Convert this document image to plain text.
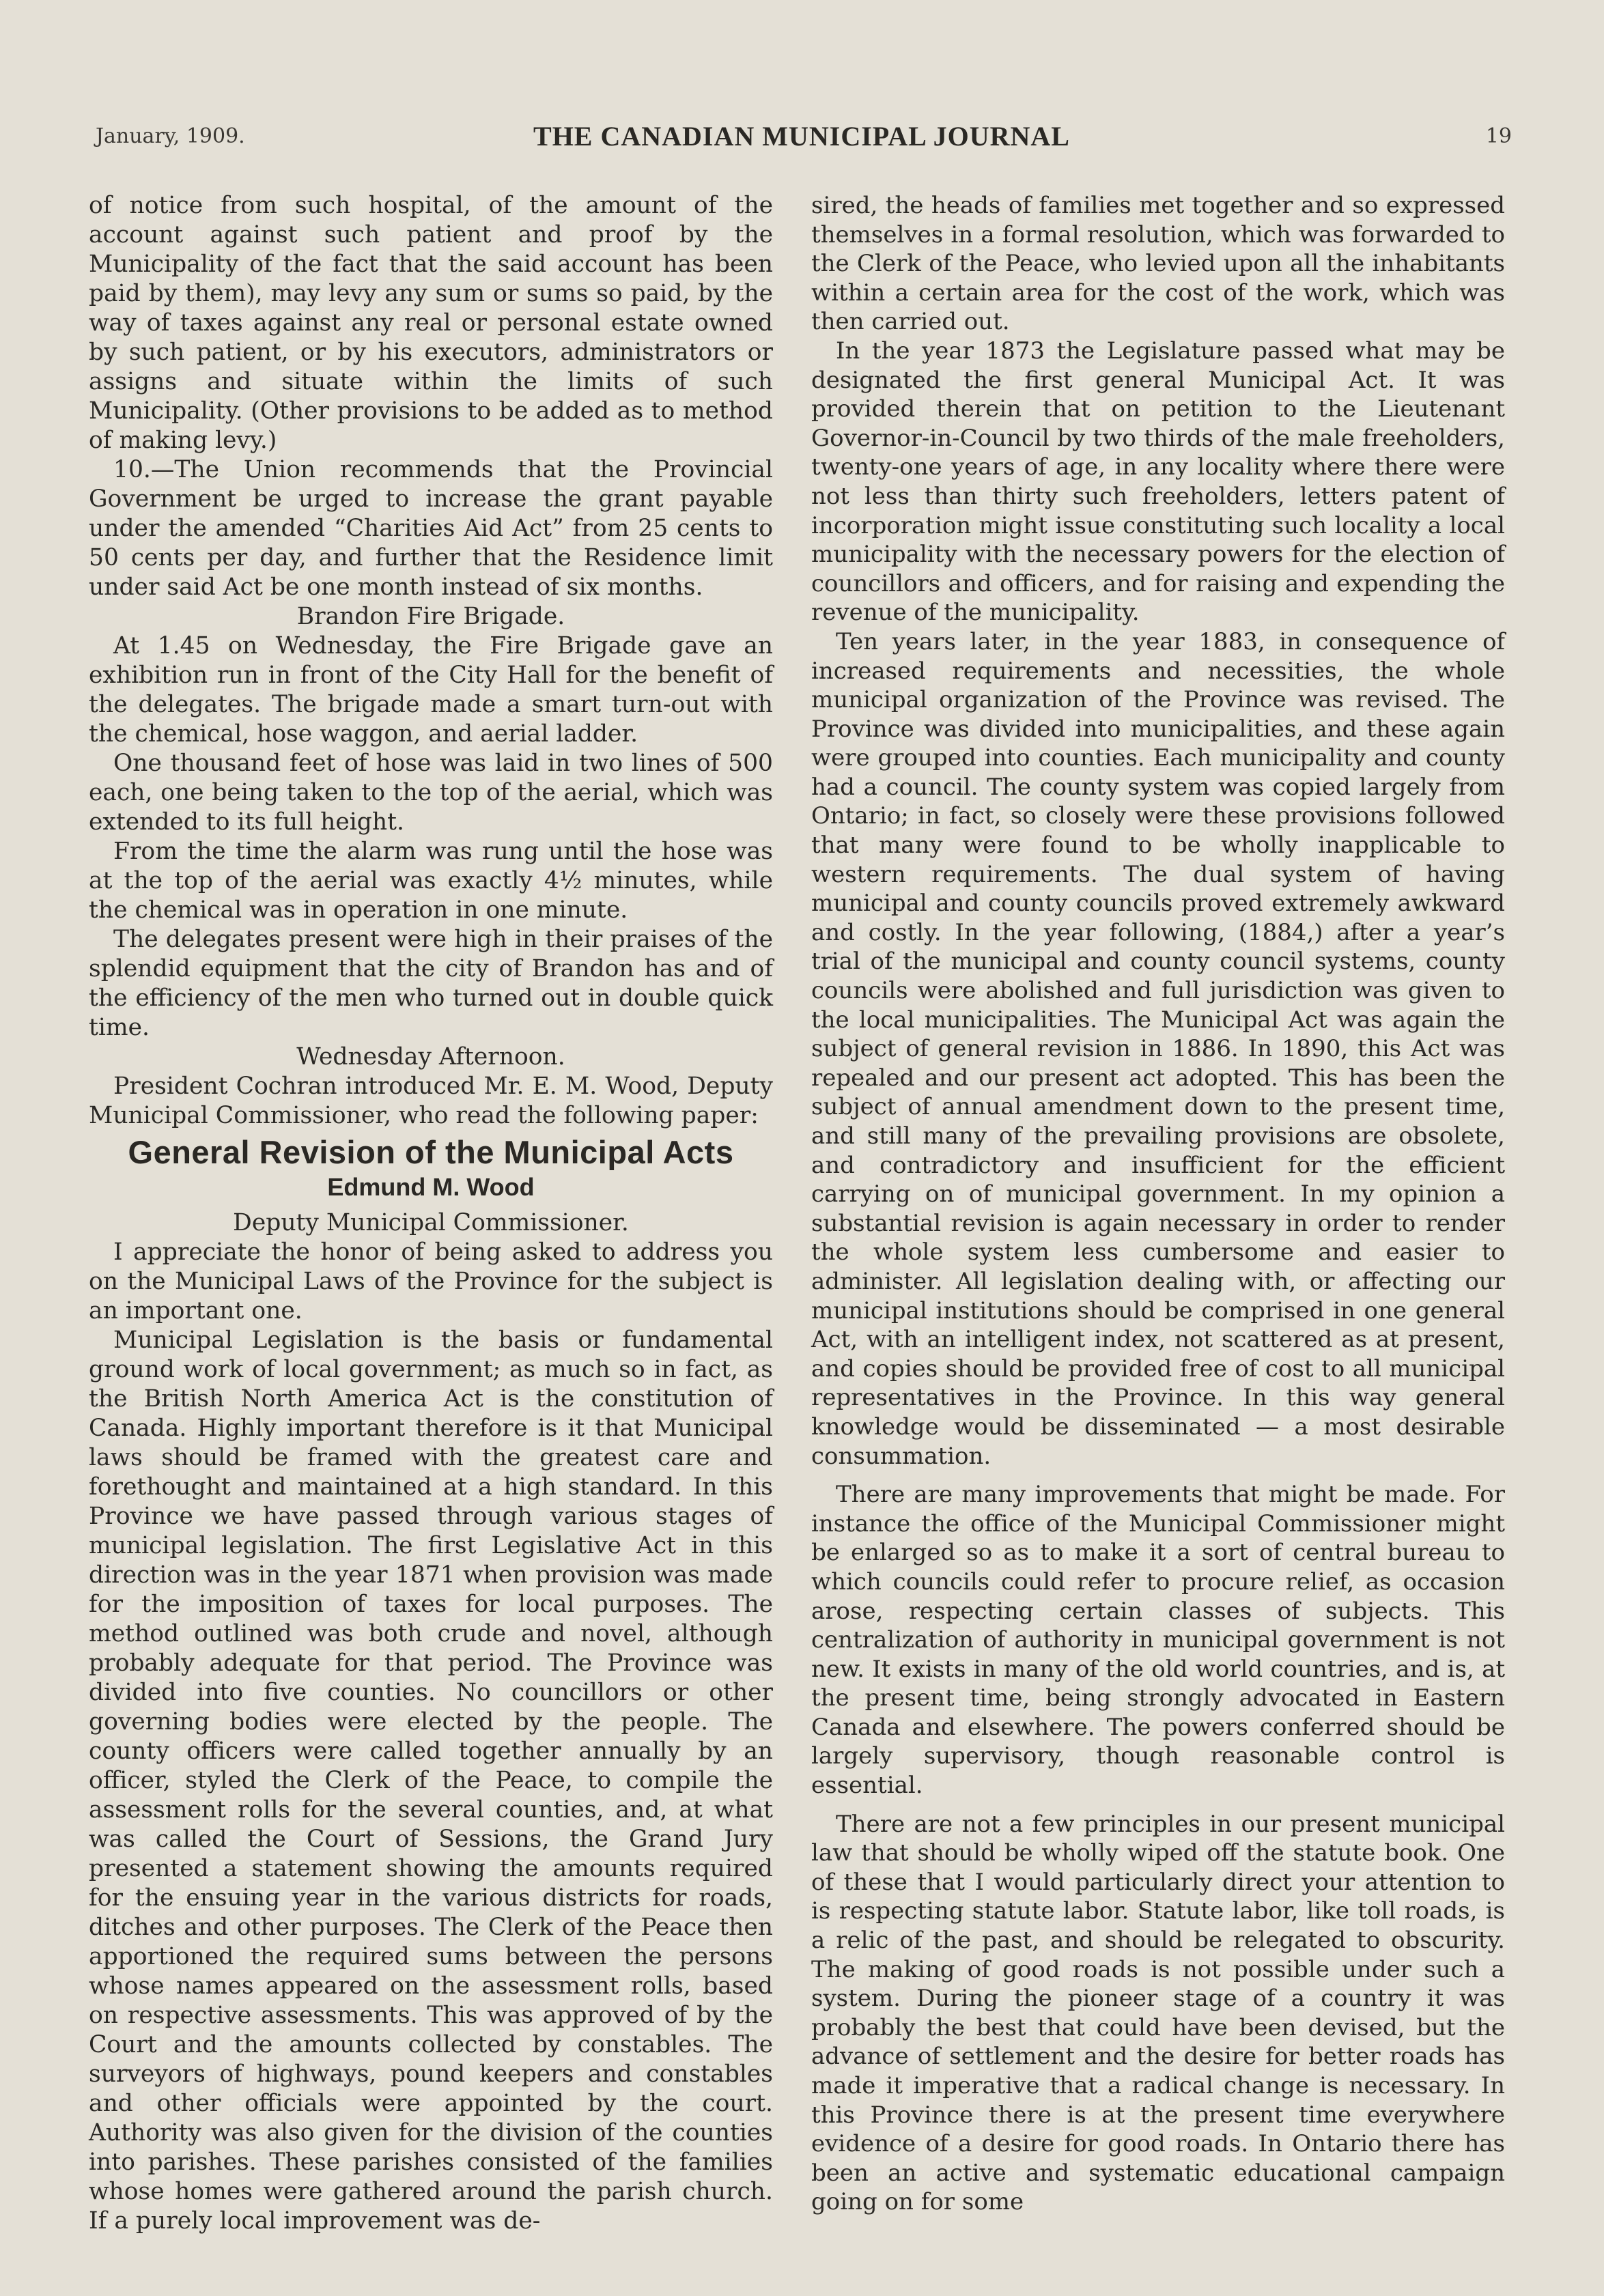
January, 1909.	THE CANADIAN MUNICIPAL JOURNAL	19

of notice from such hospital, of the amount of the account against such patient and proof by the Municipality of the fact that the said account has been paid by them), may levy any sum or sums so paid, by the way of taxes against any real or personal estate owned by such patient, or by his executors, administrators or assigns and situate within the limits of such Municipality. (Other provisions to be added as to method of making levy.)

10.—The Union recommends that the Provincial Government be urged to increase the grant payable under the amended “Charities Aid Act” from 25 cents to 50 cents per day, and further that the Residence limit under said Act be one month instead of six months.

Brandon Fire Brigade.

At 1.45 on Wednesday, the Fire Brigade gave an exhibition run in front of the City Hall for the benefit of the delegates. The brigade made a smart turn-out with the chemical, hose waggon, and aerial ladder.

One thousand feet of hose was laid in two lines of 500 each, one being taken to the top of the aerial, which was extended to its full height.

From the time the alarm was rung until the hose was at the top of the aerial was exactly 4½ minutes, while the chemical was in operation in one minute.

The delegates present were high in their praises of the splendid equipment that the city of Brandon has and of the efficiency of the men who turned out in double quick time.

Wednesday Afternoon.

President Cochran introduced Mr. E. M. Wood, Deputy Municipal Commissioner, who read the following paper:

General Revision of the Municipal Acts
Edmund M. Wood

Deputy Municipal Commissioner.

I appreciate the honor of being asked to address you on the Municipal Laws of the Province for the subject is an important one.

Municipal Legislation is the basis or fundamental ground work of local government; as much so in fact, as the British North America Act is the constitution of Canada. Highly important therefore is it that Municipal laws should be framed with the greatest care and forethought and maintained at a high standard. In this Province we have passed through various stages of municipal legislation. The first Legislative Act in this direction was in the year 1871 when provision was made for the imposition of taxes for local purposes. The method outlined was both crude and novel, although probably adequate for that period. The Province was divided into five counties. No councillors or other governing bodies were elected by the people. The county officers were called together annually by an officer, styled the Clerk of the Peace, to compile the assessment rolls for the several counties, and, at what was called the Court of Sessions, the Grand Jury presented a statement showing the amounts required for the ensuing year in the various districts for roads, ditches and other purposes. The Clerk of the Peace then apportioned the required sums between the persons whose names appeared on the assessment rolls, based on respective assessments. This was approved of by the Court and the amounts collected by constables. The surveyors of highways, pound keepers and constables and other officials were appointed by the court. Authority was also given for the division of the counties into parishes. These parishes consisted of the families whose homes were gathered around the parish church. If a purely local improvement was de-

sired, the heads of families met together and so expressed themselves in a formal resolution, which was forwarded to the Clerk of the Peace, who levied upon all the inhabitants within a certain area for the cost of the work, which was then carried out.

In the year 1873 the Legislature passed what may be designated the first general Municipal Act. It was provided therein that on petition to the Lieutenant Governor-in-Council by two thirds of the male freeholders, twenty-one years of age, in any locality where there were not less than thirty such freeholders, letters patent of incorporation might issue constituting such locality a local municipality with the necessary powers for the election of councillors and officers, and for raising and expending the revenue of the municipality.

Ten years later, in the year 1883, in consequence of increased requirements and necessities, the whole municipal organization of the Province was revised. The Province was divided into municipalities, and these again were grouped into counties. Each municipality and county had a council. The county system was copied largely from Ontario; in fact, so closely were these provisions followed that many were found to be wholly inapplicable to western requirements. The dual system of having municipal and county councils proved extremely awkward and costly. In the year following, (1884,) after a year’s trial of the municipal and county council systems, county councils were abolished and full jurisdiction was given to the local municipalities. The Municipal Act was again the subject of general revision in 1886. In 1890, this Act was repealed and our present act adopted. This has been the subject of annual amendment down to the present time, and still many of the prevailing provisions are obsolete, and contradictory and insufficient for the efficient carrying on of municipal government. In my opinion a substantial revision is again necessary in order to render the whole system less cumbersome and easier to administer. All legislation dealing with, or affecting our municipal institutions should be comprised in one general Act, with an intelligent index, not scattered as at present, and copies should be provided free of cost to all municipal representatives in the Province. In this way general knowledge would be disseminated — a most desirable consummation.

There are many improvements that might be made. For instance the office of the Municipal Commissioner might be enlarged so as to make it a sort of central bureau to which councils could refer to procure relief, as occasion arose, respecting certain classes of subjects. This centralization of authority in municipal government is not new. It exists in many of the old world countries, and is, at the present time, being strongly advocated in Eastern Canada and elsewhere. The powers conferred should be largely supervisory, though reasonable control is essential.

There are not a few principles in our present municipal law that should be wholly wiped off the statute book. One of these that I would particularly direct your attention to is respecting statute labor. Statute labor, like toll roads, is a relic of the past, and should be relegated to obscurity. The making of good roads is not possible under such a system. During the pioneer stage of a country it was probably the best that could have been devised, but the advance of settlement and the desire for better roads has made it imperative that a radical change is necessary. In this Province there is at the present time everywhere evidence of a desire for good roads. In Ontario there has been an active and systematic educational campaign going on for some
